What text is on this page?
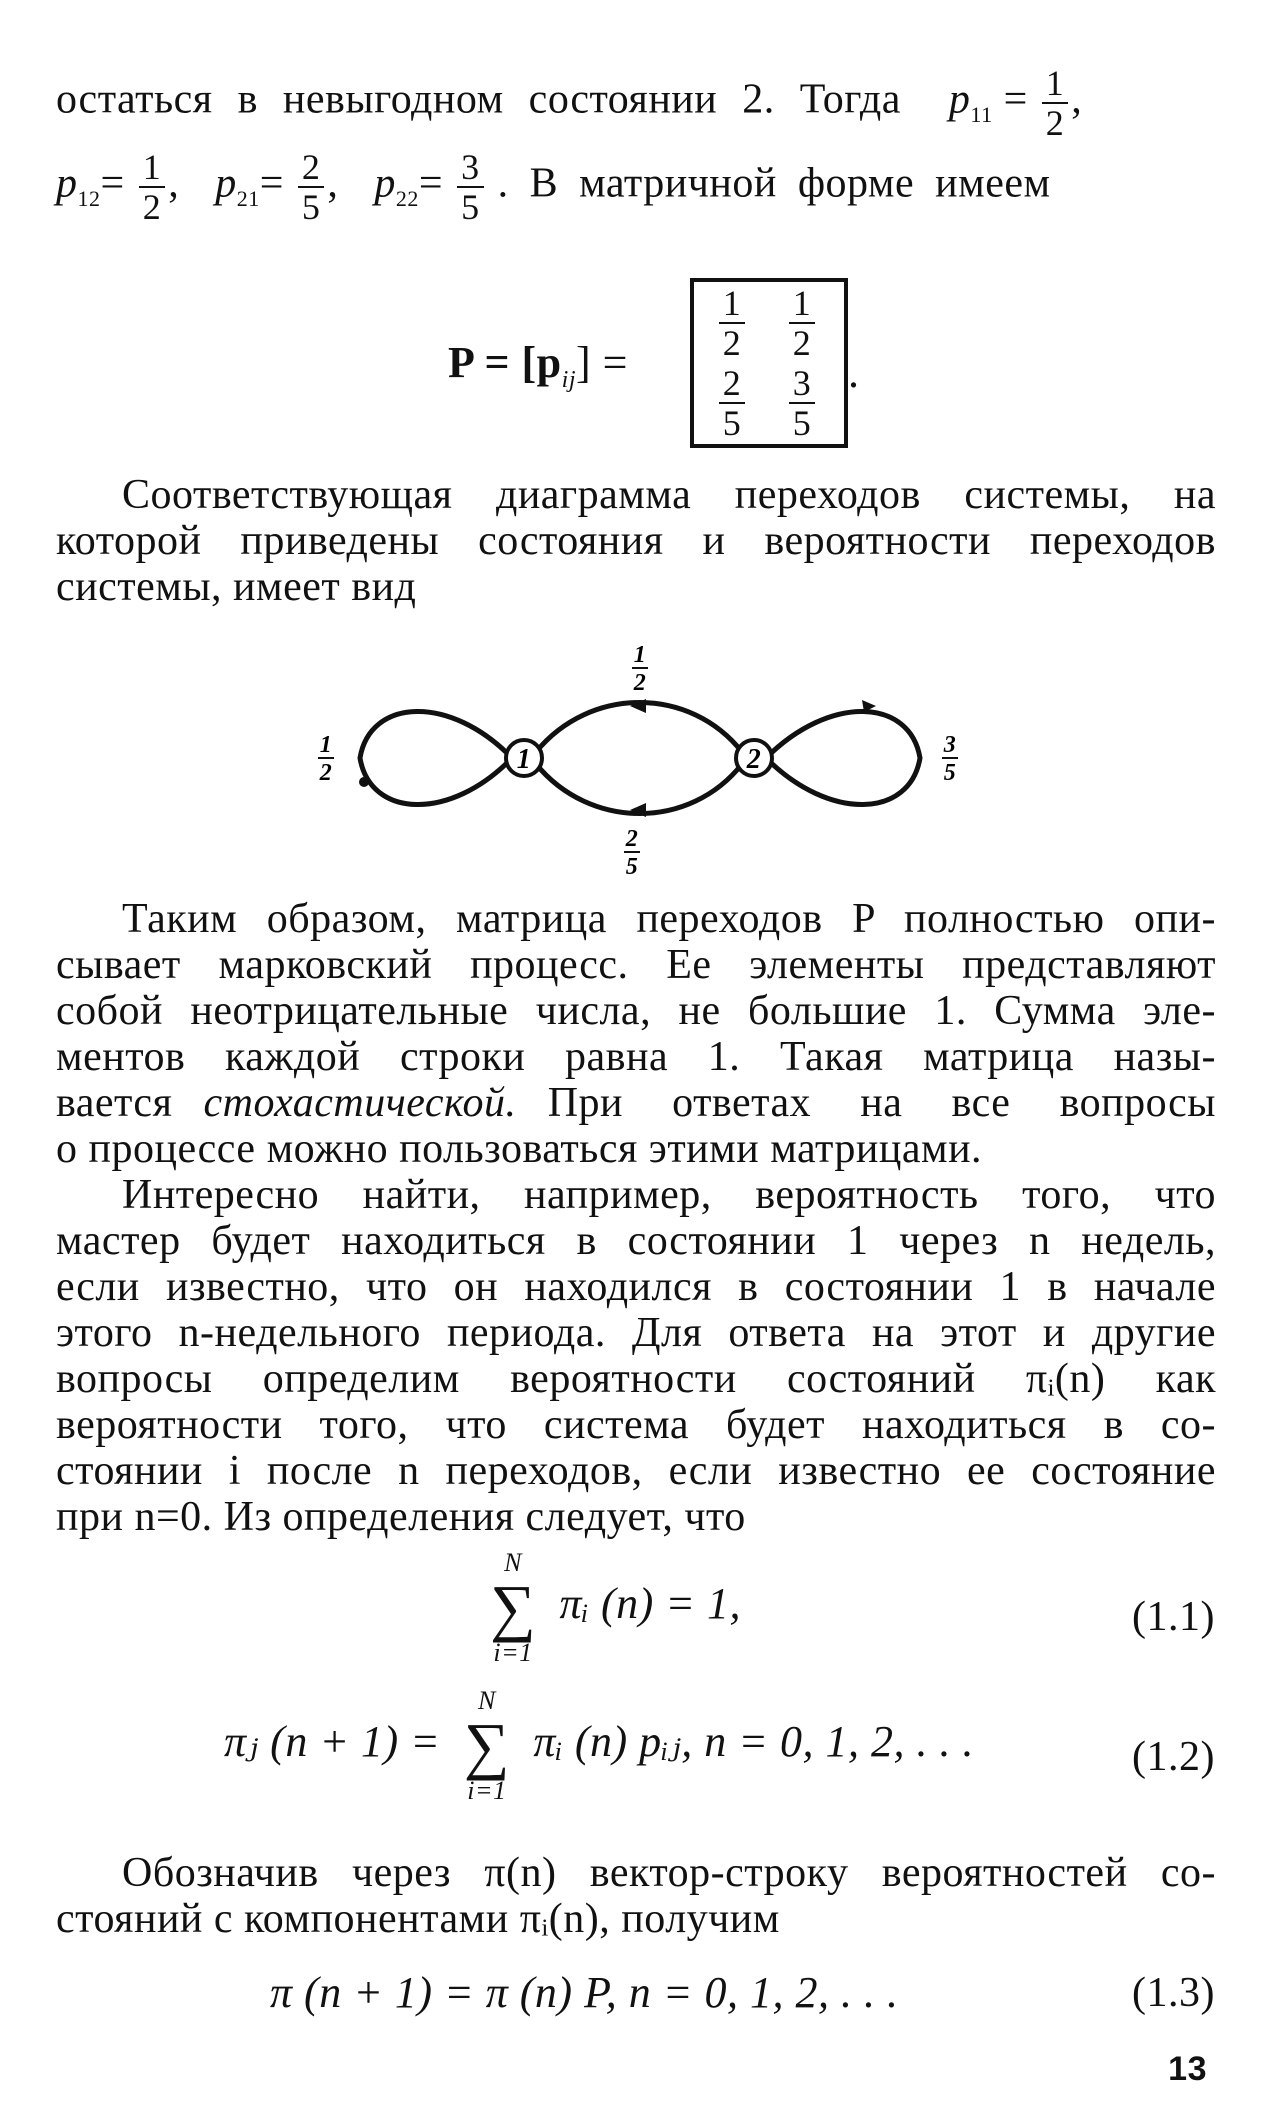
остаться в невыгодном состоянии 2. Тогда $p_{11} = \frac{1}{2}$ ,
$p_{12}= \frac{1}{2}$ , $p_{21}= \frac{2}{5}$ , $p_{22}= \frac{3}{5}$ . В матричной форме имеем
$P = [p_{ij}]$ =
$\frac{1}{2} \frac{1}{2}$
$\frac{2}{5} \frac{3}{5}$ .
Соответствующая диаграмма переходов системы, на
которой приведены состояния и вероятности переходов
системы, имеет вид
1	2
1
2
1
2
3
5
2
5
Таким образом, матрица переходов P полностью опи-
сывает марковский процесс. Ее элементы представляют
собой неотрицательные числа, не большие 1. Сумма эле-
ментов каждой строки равна 1. Такая матрица назы-
вается стохастической. При ответах на все вопросы
о процессе можно пользоваться этими матрицами.
Интересно найти, например, вероятность того, что
мастер будет находиться в состоянии 1 через n недель,
если известно, что он находился в состоянии 1 в начале
этого n-недельного периода. Для ответа на этот и другие
вопросы определим вероятности состояний πᵢ(n) как
вероятности того, что система будет находиться в со-
стоянии i после n переходов, если известно ее состояние
при n=0. Из определения следует, что
N
∑
i=1
πᵢ (n) = 1,	(1.1)
πⱼ (n + 1) =
N
∑
i=1
πᵢ (n) pᵢⱼ, n = 0, 1, 2, . . .	(1.2)
Обозначив через π(n) вектор-строку вероятностей со-
стояний с компонентами πᵢ(n), получим
π (n + 1) = π (n) P, n = 0, 1, 2, . . .	(1.3)
13
